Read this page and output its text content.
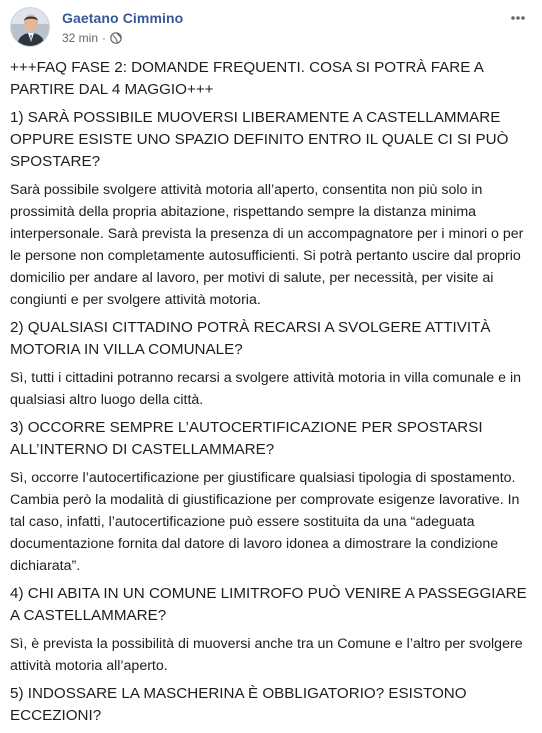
Gaetano Cimmino
32 min ·

+++FAQ FASE 2: DOMANDE FREQUENTI. COSA SI POTRÀ FARE A PARTIRE DAL 4 MAGGIO+++

1) SARÀ POSSIBILE MUOVERSI LIBERAMENTE A CASTELLAMMARE OPPURE ESISTE UNO SPAZIO DEFINITO ENTRO IL QUALE CI SI PUÒ SPOSTARE?

Sarà possibile svolgere attività motoria all’aperto, consentita non più solo in prossimità della propria abitazione, rispettando sempre la distanza minima interpersonale. Sarà prevista la presenza di un accompagnatore per i minori o per le persone non completamente autosufficienti. Si potrà pertanto uscire dal proprio domicilio per andare al lavoro, per motivi di salute, per necessità, per visite ai congiunti e per svolgere attività motoria.

2) QUALSIASI CITTADINO POTRÀ RECARSI A SVOLGERE ATTIVITÀ MOTORIA IN VILLA COMUNALE?

Sì, tutti i cittadini potranno recarsi a svolgere attività motoria in villa comunale e in qualsiasi altro luogo della città.

3) OCCORRE SEMPRE L’AUTOCERTIFICAZIONE PER SPOSTARSI ALL’INTERNO DI CASTELLAMMARE?

Sì, occorre l’autocertificazione per giustificare qualsiasi tipologia di spostamento. Cambia però la modalità di giustificazione per comprovate esigenze lavorative. In tal caso, infatti, l’autocertificazione può essere sostituita da una “adeguata documentazione fornita dal datore di lavoro idonea a dimostrare la condizione dichiarata”.

4) CHI ABITA IN UN COMUNE LIMITROFO PUÒ VENIRE A PASSEGGIARE A CASTELLAMMARE?

Sì, è prevista la possibilità di muoversi anche tra un Comune e l’altro per svolgere attività motoria all’aperto.

5) INDOSSARE LA MASCHERINA È OBBLIGATORIO? ESISTONO ECCEZIONI?
